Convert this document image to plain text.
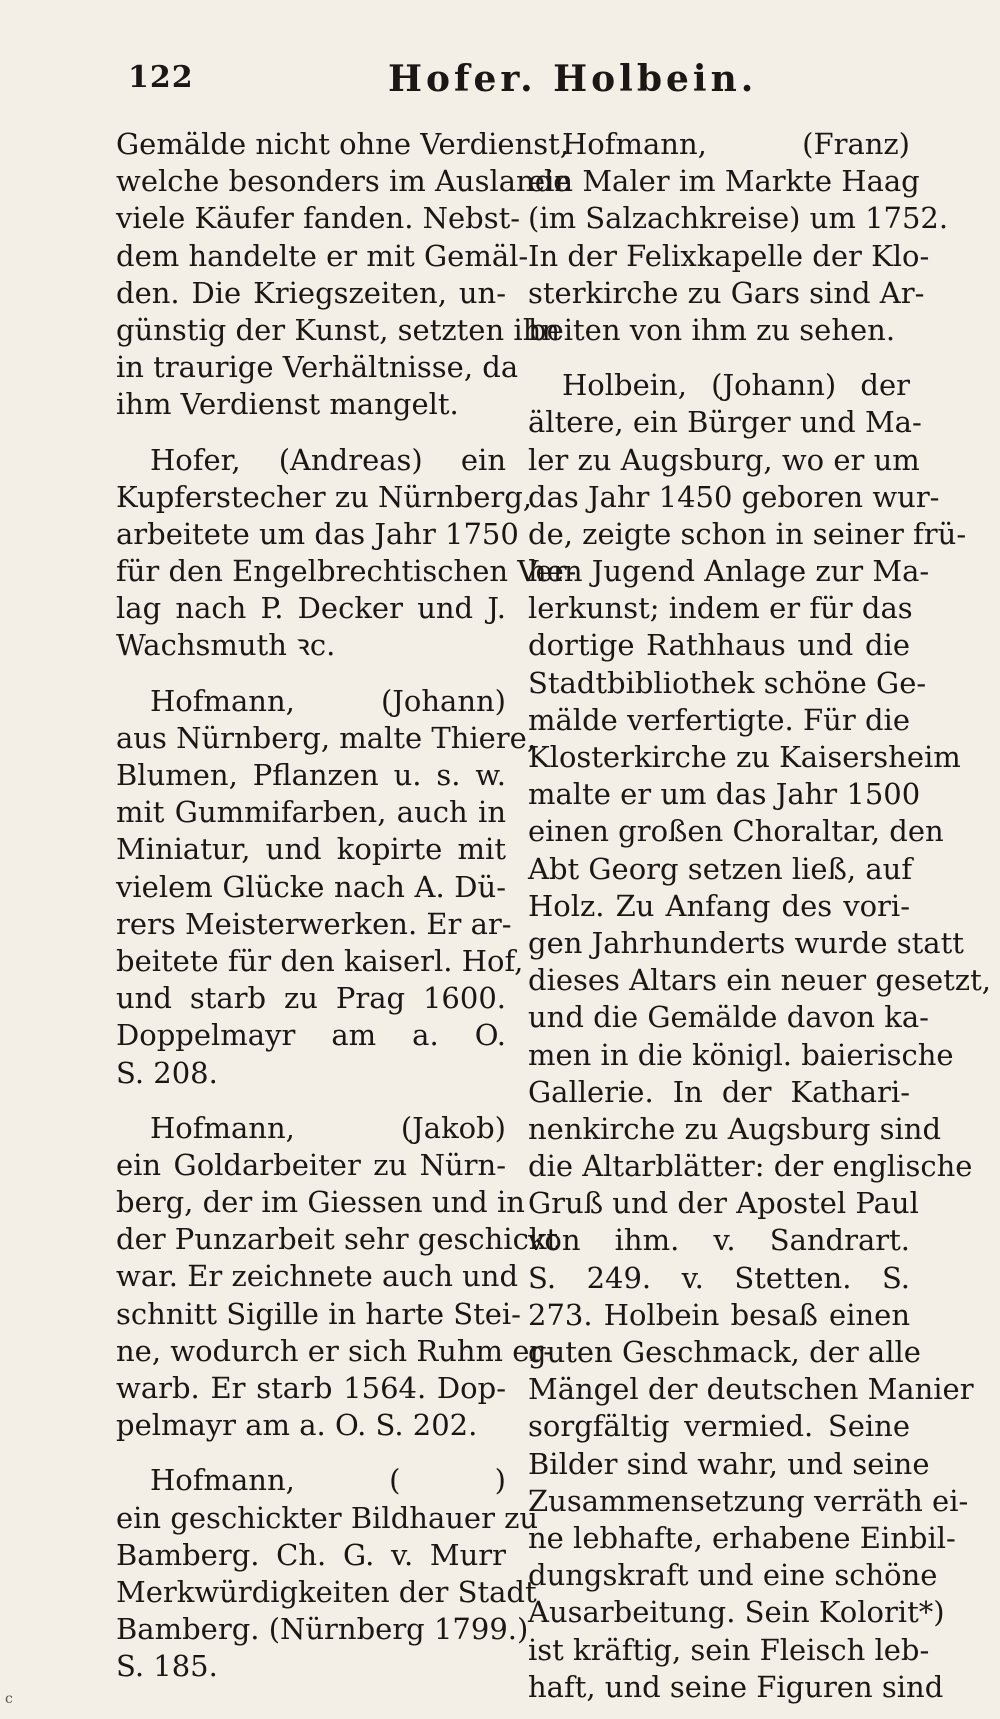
122	Hofer. Holbein.
Gemälde nicht ohne Verdienst,
welche besonders im Auslande
viele Käufer fanden. Nebst-
dem handelte er mit Gemäl-
den. Die Kriegszeiten, un-
günstig der Kunst, setzten ihn
in traurige Verhältnisse, da
ihm Verdienst mangelt.
Hofer, (Andreas) ein
Kupferstecher zu Nürnberg,
arbeitete um das Jahr 1750
für den Engelbrechtischen Ver-
lag nach P. Decker und J.
Wachsmuth ꝛc.
Hofmann, (Johann)
aus Nürnberg, malte Thiere,
Blumen, Pflanzen u. s. w.
mit Gummifarben, auch in
Miniatur, und kopirte mit
vielem Glücke nach A. Dü-
rers Meisterwerken. Er ar-
beitete für den kaiserl. Hof,
und starb zu Prag 1600.
Doppelmayr am a. O.
S. 208.
Hofmann, (Jakob)
ein Goldarbeiter zu Nürn-
berg, der im Giessen und in
der Punzarbeit sehr geschickt
war. Er zeichnete auch und
schnitt Sigille in harte Stei-
ne, wodurch er sich Ruhm er-
warb. Er starb 1564. Dop-
pelmayr am a. O. S. 202.
Hofmann, ( )
ein geschickter Bildhauer zu
Bamberg. Ch. G. v. Murr
Merkwürdigkeiten der Stadt
Bamberg. (Nürnberg 1799.)
S. 185.
Hofmann, (Franz)
ein Maler im Markte Haag
(im Salzachkreise) um 1752.
In der Felixkapelle der Klo-
sterkirche zu Gars sind Ar-
beiten von ihm zu sehen.
Holbein, (Johann) der
ältere, ein Bürger und Ma-
ler zu Augsburg, wo er um
das Jahr 1450 geboren wur-
de, zeigte schon in seiner frü-
hen Jugend Anlage zur Ma-
lerkunst; indem er für das
dortige Rathhaus und die
Stadtbibliothek schöne Ge-
mälde verfertigte. Für die
Klosterkirche zu Kaisersheim
malte er um das Jahr 1500
einen großen Choraltar, den
Abt Georg setzen ließ, auf
Holz. Zu Anfang des vori-
gen Jahrhunderts wurde statt
dieses Altars ein neuer gesetzt,
und die Gemälde davon ka-
men in die königl. baierische
Gallerie. In der Kathari-
nenkirche zu Augsburg sind
die Altarblätter: der englische
Gruß und der Apostel Paul
von ihm. v. Sandrart.
S. 249. v. Stetten. S.
273. Holbein besaß einen
guten Geschmack, der alle
Mängel der deutschen Manier
sorgfältig vermied. Seine
Bilder sind wahr, und seine
Zusammensetzung verräth ei-
ne lebhafte, erhabene Einbil-
dungskraft und eine schöne
Ausarbeitung. Sein Kolorit*)
ist kräftig, sein Fleisch leb-
haft, und seine Figuren sind
c
